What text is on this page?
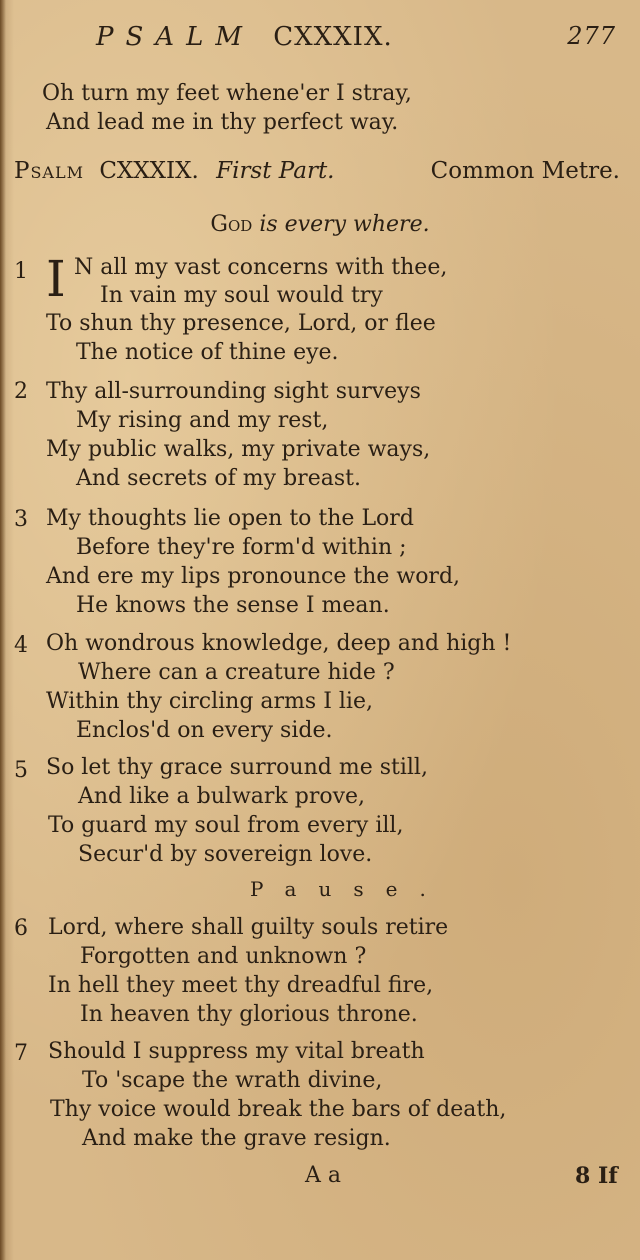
PSALM CXXXIX.	277
Oh turn my feet whene'er I stray,
And lead me in thy perfect way.
Psalm CXXXIX. First Part.	Common Metre.
God is every where.
1 I N all my vast concerns with thee,
In vain my soul would try
To shun thy presence, Lord, or flee
The notice of thine eye.
2 Thy all-surrounding sight surveys
My rising and my rest,
My public walks, my private ways,
And secrets of my breast.
3 My thoughts lie open to the Lord
Before they're form'd within ;
And ere my lips pronounce the word,
He knows the sense I mean.
4 Oh wondrous knowledge, deep and high !
Where can a creature hide ?
Within thy circling arms I lie,
Enclos'd on every side.
5 So let thy grace surround me still,
And like a bulwark prove,
To guard my soul from every ill,
Secur'd by sovereign love.
Pause.
6 Lord, where shall guilty souls retire
Forgotten and unknown ?
In hell they meet thy dreadful fire,
In heaven thy glorious throne.
7 Should I suppress my vital breath
To 'scape the wrath divine,
Thy voice would break the bars of death,
And make the grave resign.
A a	8 If
